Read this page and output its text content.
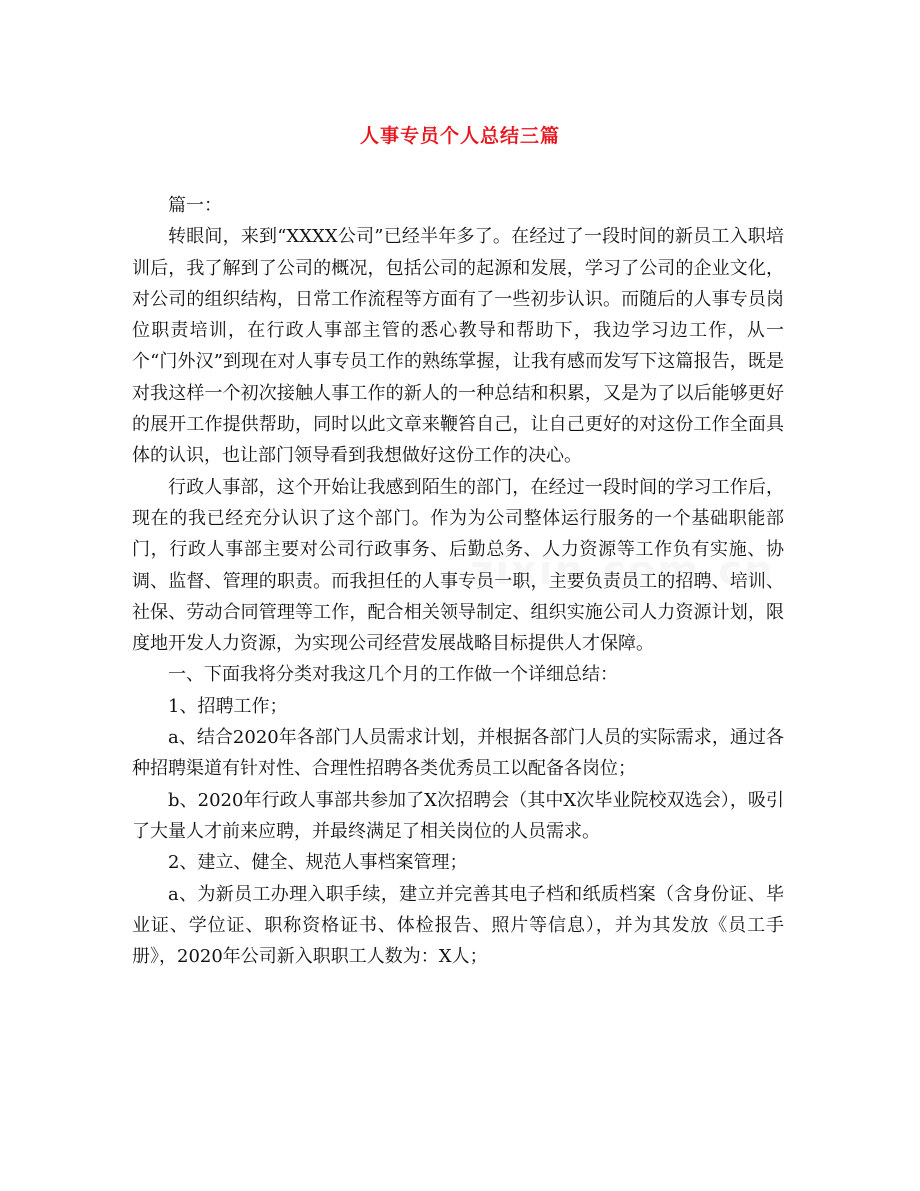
人事专员个人总结三篇

篇一：

转眼间，来到“XXXX公司”已经半年多了。在经过了一段时间的新员工入职培训后，我了解到了公司的概况，包括公司的起源和发展，学习了公司的企业文化，对公司的组织结构，日常工作流程等方面有了一些初步认识。而随后的人事专员岗位职责培训，在行政人事部主管的悉心教导和帮助下，我边学习边工作，从一个“门外汉”到现在对人事专员工作的熟练掌握，让我有感而发写下这篇报告，既是对我这样一个初次接触人事工作的新人的一种总结和积累，又是为了以后能够更好的展开工作提供帮助，同时以此文章来鞭笞自己，让自己更好的对这份工作全面具体的认识，也让部门领导看到我想做好这份工作的决心。

行政人事部，这个开始让我感到陌生的部门，在经过一段时间的学习工作后，现在的我已经充分认识了这个部门。作为为公司整体运行服务的一个基础职能部门，行政人事部主要对公司行政事务、后勤总务、人力资源等工作负有实施、协调、监督、管理的职责。而我担任的人事专员一职，主要负责员工的招聘、培训、社保、劳动合同管理等工作，配合相关领导制定、组织实施公司人力资源计划，限度地开发人力资源，为实现公司经营发展战略目标提供人才保障。

一、下面我将分类对我这几个月的工作做一个详细总结：

1、招聘工作；

a、结合2020年各部门人员需求计划，并根据各部门人员的实际需求，通过各种招聘渠道有针对性、合理性招聘各类优秀员工以配备各岗位；

b、2020年行政人事部共参加了X次招聘会（其中X次毕业院校双选会），吸引了大量人才前来应聘，并最终满足了相关岗位的人员需求。

2、建立、健全、规范人事档案管理；

a、为新员工办理入职手续，建立并完善其电子档和纸质档案（含身份证、毕业证、学位证、职称资格证书、体检报告、照片等信息），并为其发放《员工手册》，2020年公司新入职职工人数为：X人；
